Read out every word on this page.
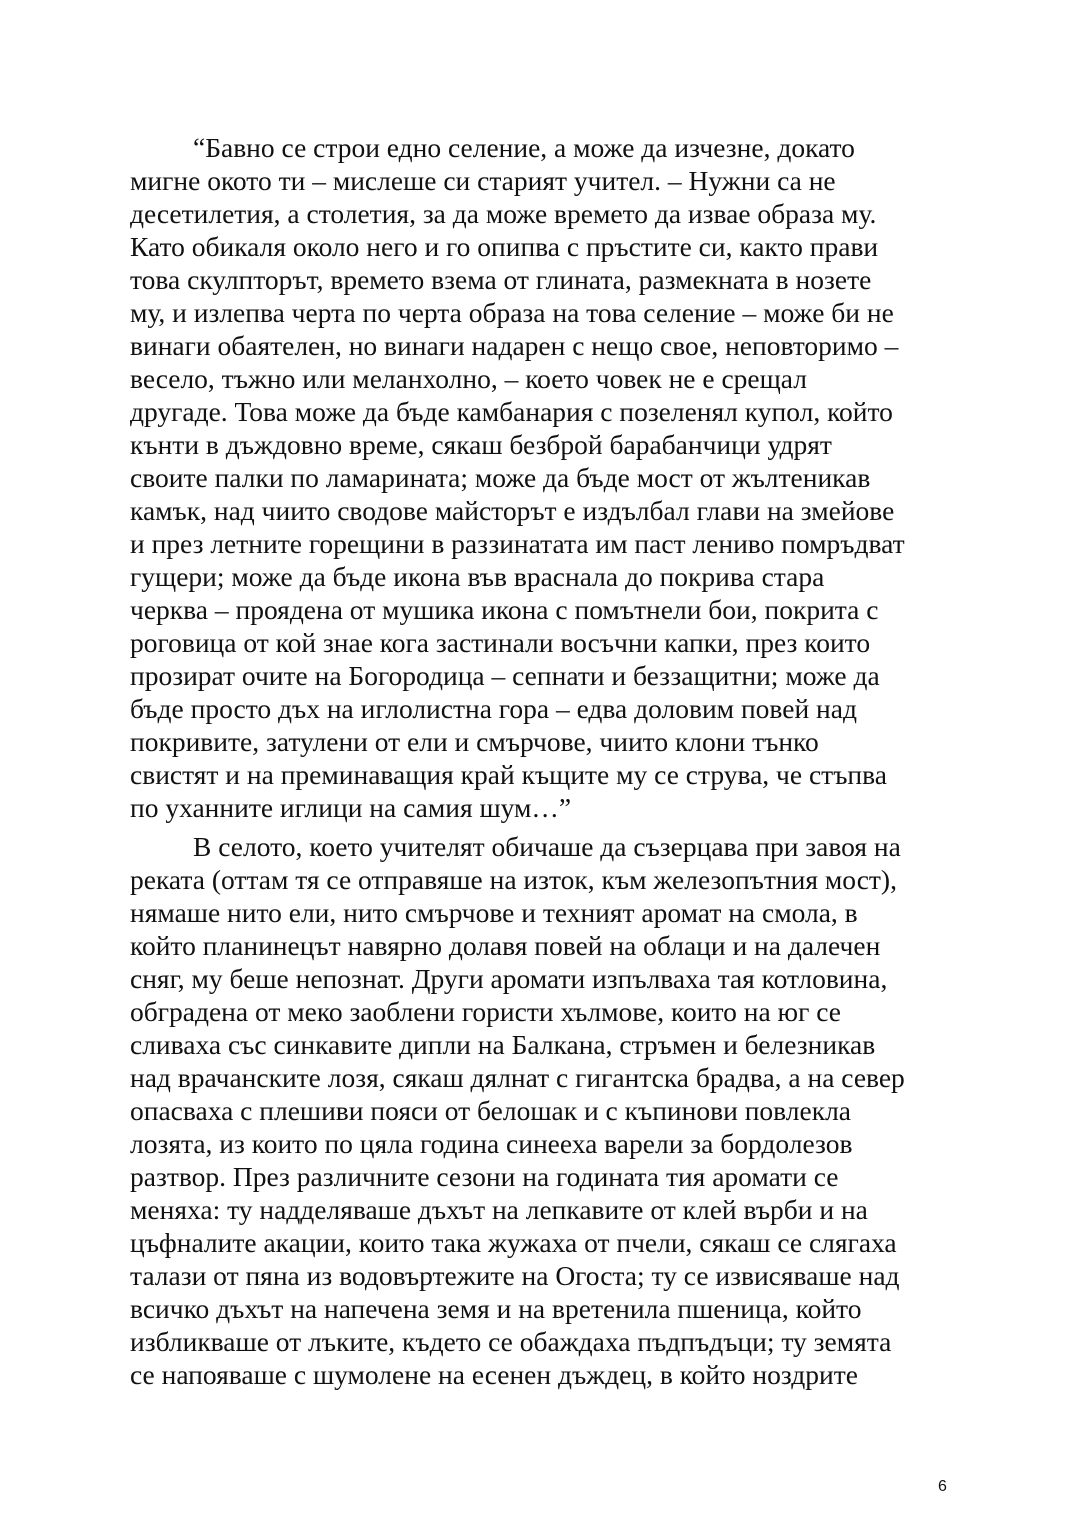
“Бавно се строи едно селение, а може да изчезне, докато
мигне окото ти – мислеше си старият учител. – Нужни са не
десетилетия, а столетия, за да може времето да извае образа му.
Като обикаля около него и го опипва с пръстите си, както прави
това скулпторът, времето взема от глината, размекната в нозете
му, и излепва черта по черта образа на това селение – може би не
винаги обаятелен, но винаги надарен с нещо свое, неповторимо –
весело, тъжно или меланхолно, – което човек не е срещал
другаде. Това може да бъде камбанария с позеленял купол, който
кънти в дъждовно време, сякаш безброй барабанчици удрят
своите палки по ламарината; може да бъде мост от жълтеникав
камък, над чиито сводове майсторът е издълбал глави на змейове
и през летните горещини в раззинатата им паст лениво помръдват
гущери; може да бъде икона във враснала до покрива стара
черква – проядена от мушика икона с помътнели бои, покрита с
роговица от кой знае кога застинали восъчни капки, през които
прозират очите на Богородица – сепнати и беззащитни; може да
бъде просто дъх на иглолистна гора – едва доловим повей над
покривите, затулени от ели и смърчове, чиито клони тънко
свистят и на преминаващия край къщите му се струва, че стъпва
по уханните иглици на самия шум…”
В селото, което учителят обичаше да съзерцава при завоя на
реката (оттам тя се отправяше на изток, към железопътния мост),
нямаше нито ели, нито смърчове и техният аромат на смола, в
който планинецът навярно долавя повей на облаци и на далечен
сняг, му беше непознат. Други аромати изпълваха тая котловина,
обградена от меко заоблени гористи хълмове, които на юг се
сливаха със синкавите дипли на Балкана, стръмен и белезникав
над врачанските лозя, сякаш дялнат с гигантска брадва, а на север
опасваха с плешиви пояси от белошак и с къпинови повлекла
лозята, из които по цяла година синееха варели за бордолезов
разтвор. През различните сезони на годината тия аромати се
меняха: ту надделяваше дъхът на лепкавите от клей върби и на
цъфналите акации, които така жужаха от пчели, сякаш се слягаха
талази от пяна из водовъртежите на Огоста; ту се извисяваше над
всичко дъхът на напечена земя и на вретенила пшеница, който
избликваше от лъките, където се обаждаха пъдпъдъци; ту земята
се напояваше с шумолене на есенен дъждец, в който ноздрите
6
